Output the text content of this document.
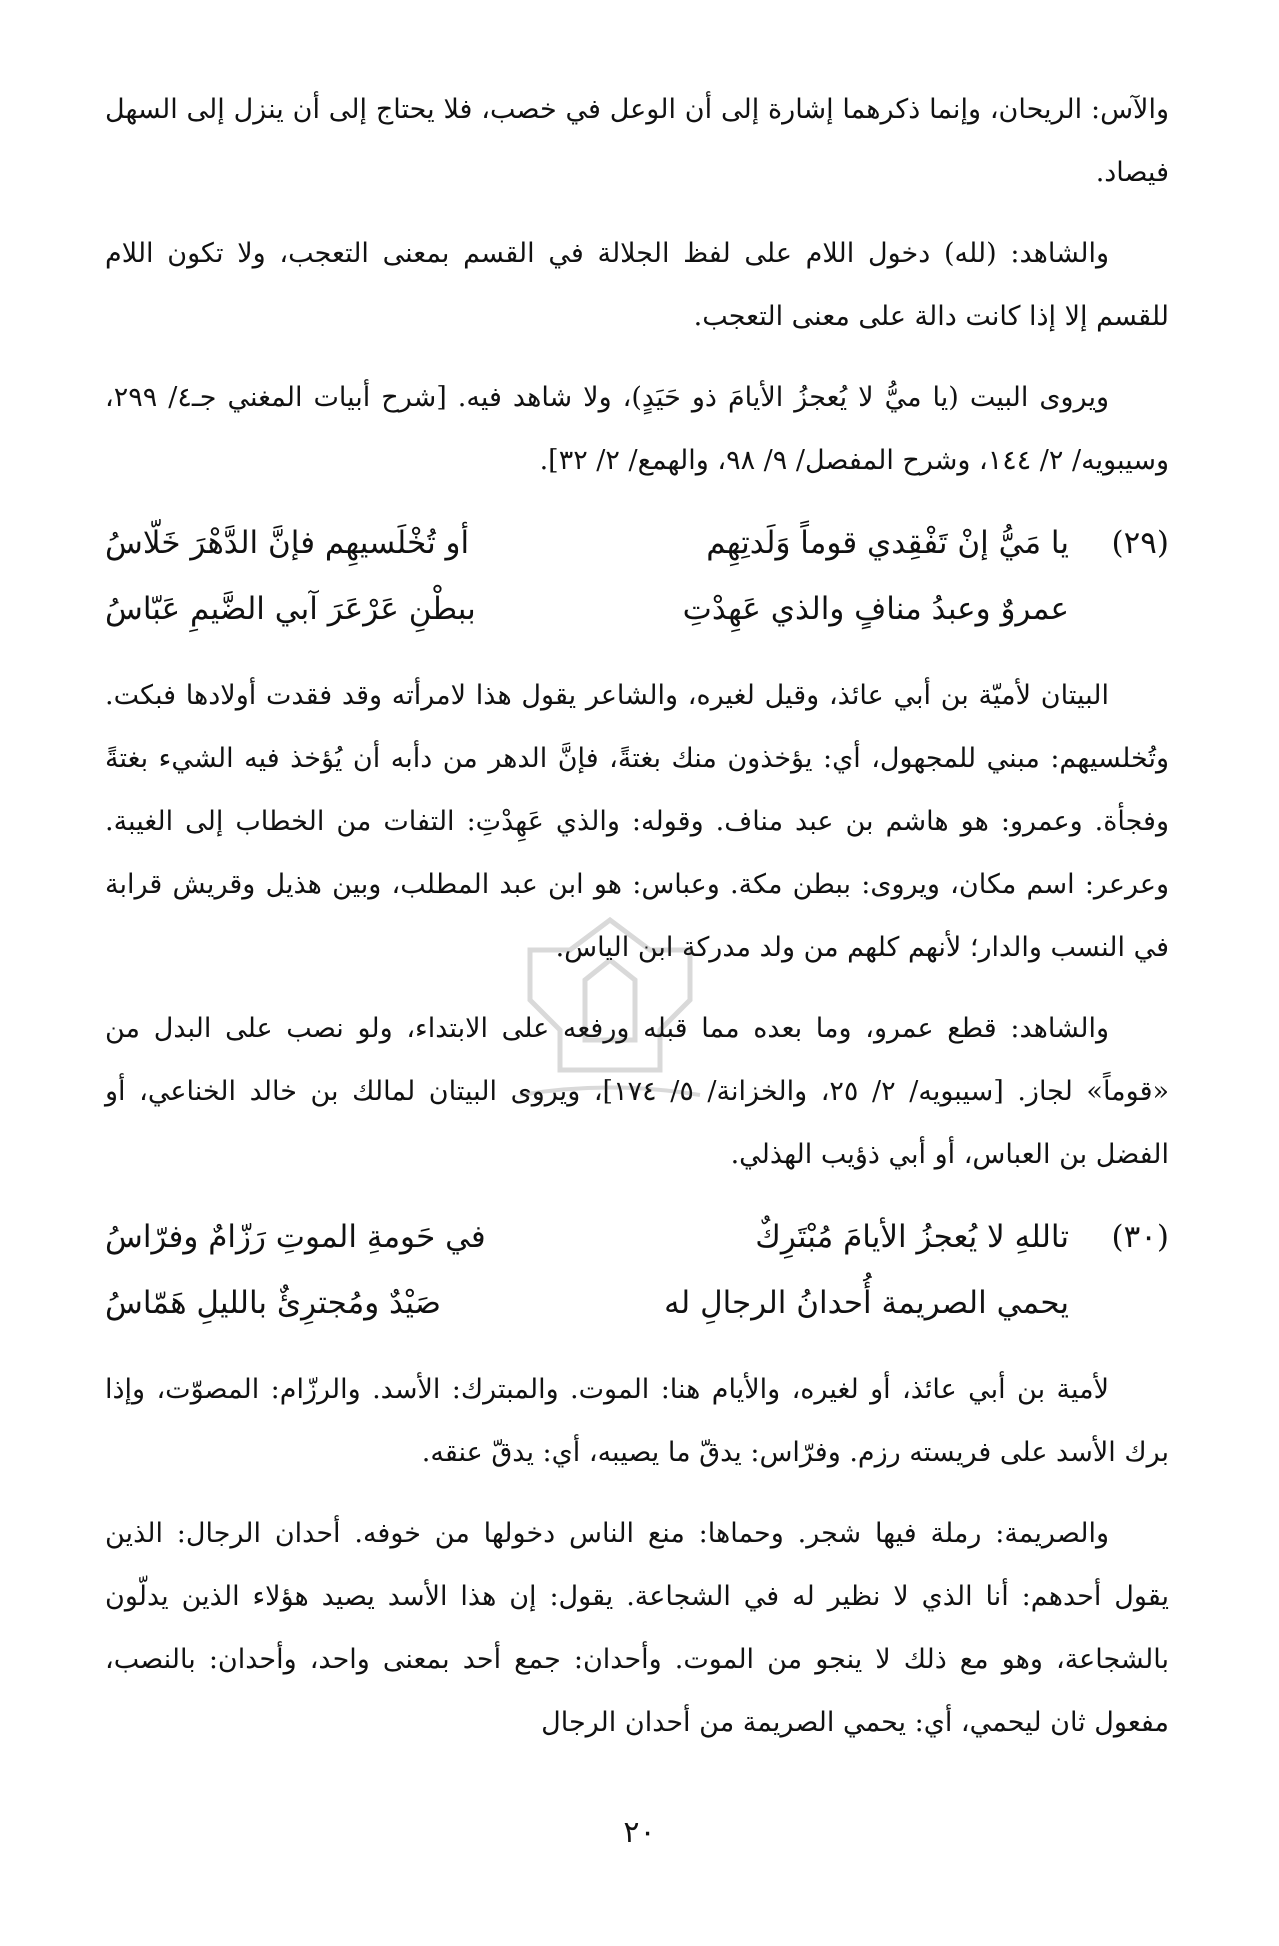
والآس: الريحان، وإنما ذكرهما إشارة إلى أن الوعل في خصب، فلا يحتاج إلى أن ينزل إلى السهل فيصاد.

والشاهد: (لله) دخول اللام على لفظ الجلالة في القسم بمعنى التعجب، ولا تكون اللام للقسم إلا إذا كانت دالة على معنى التعجب.

ويروى البيت (يا ميُّ لا يُعجزُ الأيامَ ذو حَيَدٍ)، ولا شاهد فيه. [شرح أبيات المغني جـ٤/ ٢٩٩، وسيبويه/ ٢/ ١٤٤، وشرح المفصل/ ٩/ ٩٨، والهمع/ ٢/ ٣٢].

(٢٩)
يا مَيُّ إنْ تَفْقِدي قوماً وَلَدتِهِم
أو تُخْلَسيهِم فإنَّ الدَّهْرَ خَلّاسُ
عمروٌ وعبدُ منافٍ والذي عَهِدْتِ
ببطْنِ عَرْعَرَ آبي الضَّيمِ عَبّاسُ

البيتان لأميّة بن أبي عائذ، وقيل لغيره، والشاعر يقول هذا لامرأته وقد فقدت أولادها فبكت. وتُخلسيهم: مبني للمجهول، أي: يؤخذون منك بغتةً، فإنَّ الدهر من دأبه أن يُؤخذ فيه الشيء بغتةً وفجأة. وعمرو: هو هاشم بن عبد مناف. وقوله: والذي عَهِدْتِ: التفات من الخطاب إلى الغيبة. وعرعر: اسم مكان، ويروى: ببطن مكة. وعباس: هو ابن عبد المطلب، وبين هذيل وقريش قرابة في النسب والدار؛ لأنهم كلهم من ولد مدركة ابن الياس.

والشاهد: قطع عمرو، وما بعده مما قبله ورفعه على الابتداء، ولو نصب على البدل من «قوماً» لجاز. [سيبويه/ ٢/ ٢٥، والخزانة/ ٥/ ١٧٤]، ويروى البيتان لمالك بن خالد الخناعي، أو الفضل بن العباس، أو أبي ذؤيب الهذلي.

(٣٠)
تاللهِ لا يُعجزُ الأيامَ مُبْتَرِكٌ
في حَومةِ الموتِ رَزّامٌ وفرّاسُ
يحمي الصريمة أُحدانُ الرجالِ له
صَيْدٌ ومُجترِئٌ بالليلِ هَمّاسُ

لأمية بن أبي عائذ، أو لغيره، والأيام هنا: الموت. والمبترك: الأسد. والرزّام: المصوّت، وإذا برك الأسد على فريسته رزم. وفرّاس: يدقّ ما يصيبه، أي: يدقّ عنقه.

والصريمة: رملة فيها شجر. وحماها: منع الناس دخولها من خوفه. أحدان الرجال: الذين يقول أحدهم: أنا الذي لا نظير له في الشجاعة. يقول: إن هذا الأسد يصيد هؤلاء الذين يدلّون بالشجاعة، وهو مع ذلك لا ينجو من الموت. وأحدان: جمع أحد بمعنى واحد، وأحدان: بالنصب، مفعول ثان ليحمي، أي: يحمي الصريمة من أحدان الرجال

٢٠
